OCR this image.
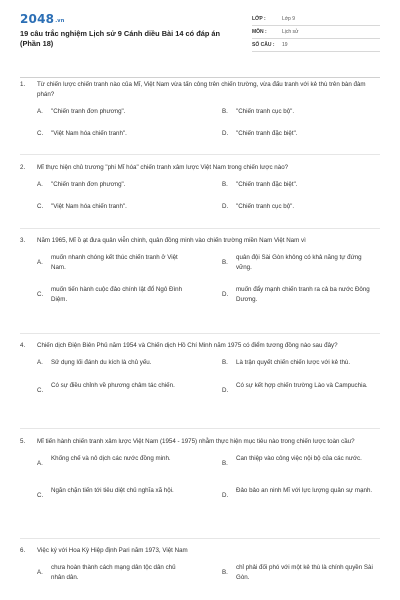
2048.vn
19 câu trắc nghiệm Lịch sử 9 Cánh diều Bài 14 có đáp án (Phần 18)
LỚP :	Lớp 9
MÔN :	Lịch sử
SỐ CÂU : 19
1. Từ chiến lược chiến tranh nào của Mĩ, Việt Nam vừa tấn công trên chiến trường, vừa đấu tranh với kẻ thù trên bàn đàm phán?
A.	"Chiến tranh đơn phương".	B.	"Chiến tranh cục bộ".
C.	"Việt Nam hóa chiến tranh".	D.	"Chiến tranh đặc biệt".
2. Mĩ thực hiện chủ trương "phi Mĩ hóa" chiến tranh xâm lược Việt Nam trong chiến lược nào?
A.	"Chiến tranh đơn phương".	B.	"Chiến tranh đặc biệt".
C.	"Việt Nam hóa chiến tranh".	D.	"Chiến tranh cục bộ".
3. Năm 1965, Mĩ ồ ạt đưa quân viễn chinh, quân đồng minh vào chiến trường miền Nam Việt Nam vì
A.
muốn nhanh chóng kết thúc chiến tranh ở Việt Nam.
B.
quân đội Sài Gòn không có khả năng tự đứng vững.
C.
muốn tiến hành cuộc đảo chính lật đổ Ngô Đình Diệm.
D.
muốn đẩy mạnh chiến tranh ra cả ba nước Đông Dương.
4. Chiến dịch Điện Biên Phủ năm 1954 và Chiến dịch Hồ Chí Minh năm 1975 có điểm tương đồng nào sau đây?
A.	Sử dụng lối đánh du kích là chủ yếu.	B.	Là trận quyết chiến chiến lược với kẻ thù.
C.
Có sự điều chỉnh về phương châm tác chiến.
D.
Có sự kết hợp chiến trường Lào và Campuchia.
5. Mĩ tiến hành chiến tranh xâm lược Việt Nam (1954 - 1975) nhằm thực hiện mục tiêu nào trong chiến lược toàn cầu?
A.
Khống chế và nô dịch các nước đồng minh.
B.
Can thiệp vào công việc nội bộ của các nước.
C.
Ngăn chặn tiến tới tiêu diệt chủ nghĩa xã hội.
D.
Đảo bảo an ninh Mĩ với lực lượng quân sự mạnh.
6. Việc ký với Hoa Kỳ Hiệp định Pari năm 1973, Việt Nam
A.
chưa hoàn thành cách mạng dân tộc dân chủ nhân dân.
B.
chỉ phải đối phó với một kẻ thù là chính quyền Sài Gòn.
